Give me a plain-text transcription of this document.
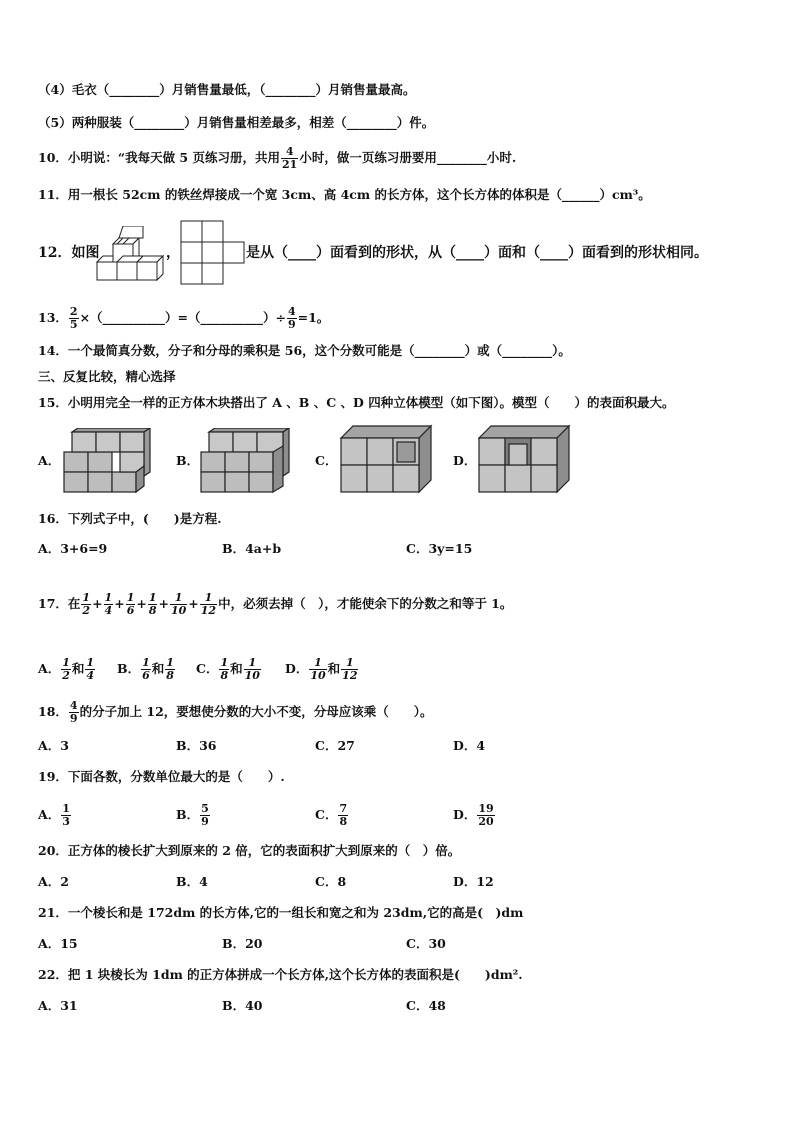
（4）毛衣（________）月销售量最低，（________）月销售量最高。
（5）两种服装（________）月销售量相差最多，相差（________）件。
10．小明说：“我每天做 5 页练习册，共用 $\frac{4}{21}$ 小时，做一页练习册要用________小时.
11．用一根长 52cm 的铁丝焊接成一个宽 3cm、高 4cm 的长方体，这个长方体的体积是（______）cm³。
12．如图	，	是从（____）面看到的形状，从（____）面和（____）面看到的形状相同。
13． $\frac{2}{5}$ ×（__________）=（__________）÷ $\frac{4}{9} =1$。
14．一个最简真分数，分子和分母的乘积是 56，这个分数可能是（________）或（________）。
三、反复比较，精心选择
15．小明用完全一样的正方体木块搭出了 A 、B 、C 、D 四种立体模型（如下图）。模型（　　）的表面积最大。
A．	B．	C．	D．
16．下列式子中，(　　)是方程.
A．3+6=9	B．4a+b	C．3y=15
17．在 $\frac{1}{2} + \frac{1}{4} + \frac{1}{6} + \frac{1}{8} + \frac{1}{10} + \frac{1}{12}$ 中，必须去掉（　），才能使余下的分数之和等于 1。
A． $\frac{1}{2}$ 和 $\frac{1}{4}$ B． $\frac{1}{6}$ 和 $\frac{1}{8}$ C． $\frac{1}{8}$ 和 $\frac{1}{10}$ D． $\frac{1}{10}$ 和 $\frac{1}{12}$
18． $\frac{4}{9}$ 的分子加上 12，要想使分数的大小不变，分母应该乘（　　）。
A．3	B．36	C．27	D．4
19．下面各数，分数单位最大的是（　　）.
A． $\frac{1}{3}$	B． $\frac{5}{9}$	C． $\frac{7}{8}$	D． $\frac{19}{20}$
20．正方体的棱长扩大到原来的 2 倍，它的表面积扩大到原来的（　）倍。
A．2	B．4	C．8	D．12
21．一个棱长和是 172dm 的长方体,它的一组长和宽之和为 23dm,它的高是(　)dm
A．15	B．20	C．30
22．把 1 块棱长为 1dm 的正方体拼成一个长方体,这个长方体的表面积是(　　)dm².
A．31	B．40	C．48
